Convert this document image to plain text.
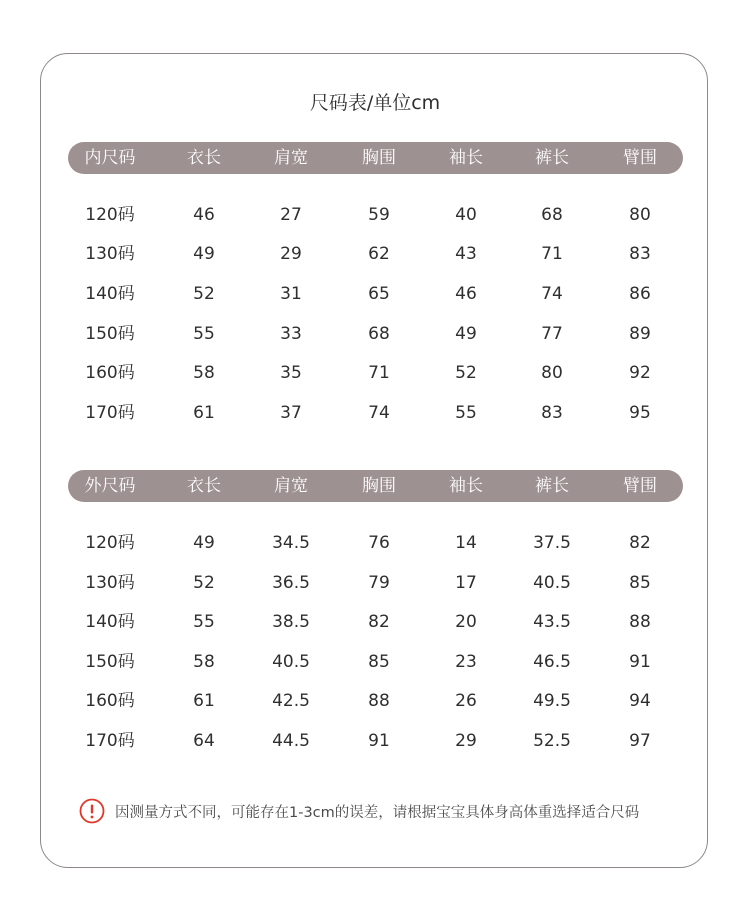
尺码表/单位cm
内尺码	衣长	肩宽	胸围	袖长	裤长	臂围
120码	46	27	59	40	68	80
130码	49	29	62	43	71	83
140码	52	31	65	46	74	86
150码	55	33	68	49	77	89
160码	58	35	71	52	80	92
170码	61	37	74	55	83	95
外尺码	衣长	肩宽	胸围	袖长	裤长	臂围
120码	49	34.5	76	14	37.5	82
130码	52	36.5	79	17	40.5	85
140码	55	38.5	82	20	43.5	88
150码	58	40.5	85	23	46.5	91
160码	61	42.5	88	26	49.5	94
170码	64	44.5	91	29	52.5	97
因测量方式不同，可能存在1-3cm的误差，请根据宝宝具体身高体重选择适合尺码
